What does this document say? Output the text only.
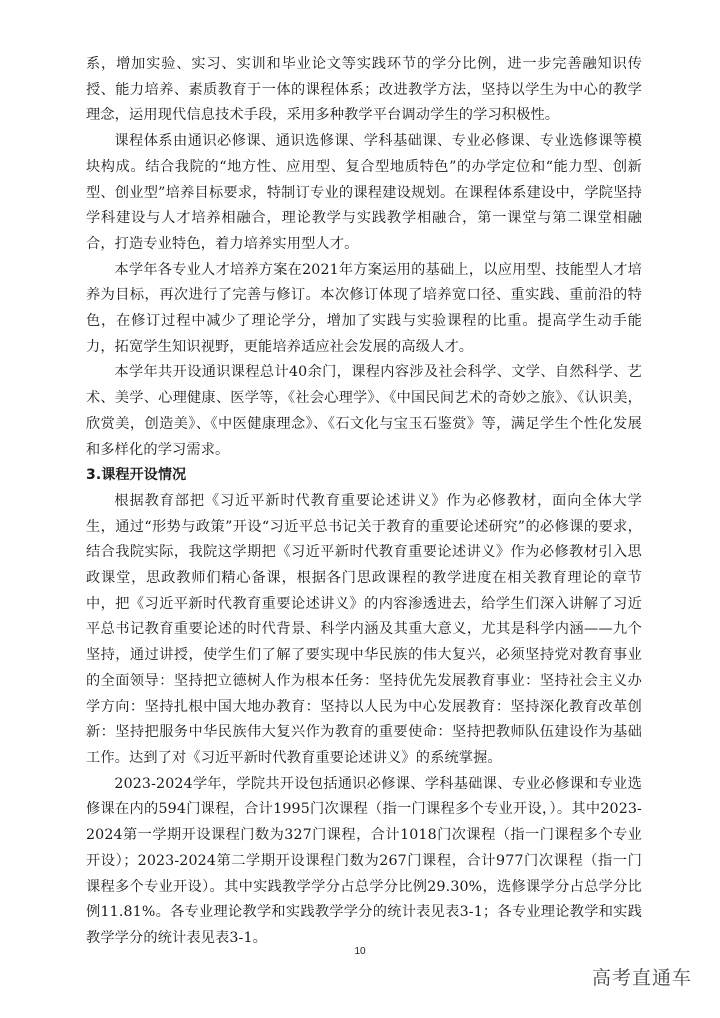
系，增加实验、实习、实训和毕业论文等实践环节的学分比例，进一步完善融知识传授、能力培养、素质教育于一体的课程体系；改进教学方法，坚持以学生为中心的教学理念，运用现代信息技术手段，采用多种教学平台调动学生的学习积极性。

课程体系由通识必修课、通识选修课、学科基础课、专业必修课、专业选修课等模块构成。结合我院的“地方性、应用型、复合型地质特色”的办学定位和“能力型、创新型、创业型”培养目标要求，特制订专业的课程建设规划。在课程体系建设中，学院坚持学科建设与人才培养相融合，理论教学与实践教学相融合，第一课堂与第二课堂相融合，打造专业特色，着力培养实用型人才。

本学年各专业人才培养方案在2021年方案运用的基础上，以应用型、技能型人才培养为目标，再次进行了完善与修订。本次修订体现了培养宽口径、重实践、重前沿的特色，在修订过程中减少了理论学分，增加了实践与实验课程的比重。提高学生动手能力，拓宽学生知识视野，更能培养适应社会发展的高级人才。

本学年共开设通识课程总计40余门，课程内容涉及社会科学、文学、自然科学、艺术、美学、心理健康、医学等，《社会心理学》、《中国民间艺术的奇妙之旅》、《认识美，欣赏美，创造美》、《中医健康理念》、《石文化与宝玉石鉴赏》等，满足学生个性化发展和多样化的学习需求。

3.课程开设情况

根据教育部把《习近平新时代教育重要论述讲义》作为必修教材，面向全体大学生，通过“形势与政策”开设“习近平总书记关于教育的重要论述研究”的必修课的要求，结合我院实际，我院这学期把《习近平新时代教育重要论述讲义》作为必修教材引入思政课堂，思政教师们精心备课，根据各门思政课程的教学进度在相关教育理论的章节中，把《习近平新时代教育重要论述讲义》的内容渗透进去，给学生们深入讲解了习近平总书记教育重要论述的时代背景、科学内涵及其重大意义，尤其是科学内涵——九个坚持，通过讲授，使学生们了解了要实现中华民族的伟大复兴，必须坚持党对教育事业的全面领导：坚持把立德树人作为根本任务：坚持优先发展教育事业：坚持社会主义办学方向：坚持扎根中国大地办教育：坚持以人民为中心发展教育：坚持深化教育改革创新：坚持把服务中华民族伟大复兴作为教育的重要使命：坚持把教师队伍建设作为基础工作。达到了对《习近平新时代教育重要论述讲义》的系统掌握。

2023-2024学年，学院共开设包括通识必修课、学科基础课、专业必修课和专业选修课在内的594门课程，合计1995门次课程（指一门课程多个专业开设，）。其中2023-2024第一学期开设课程门数为327门课程，合计1018门次课程（指一门课程多个专业开设）；2023-2024第二学期开设课程门数为267门课程，合计977门次课程（指一门课程多个专业开设）。其中实践教学学分占总学分比例29.30%，选修课学分占总学分比例11.81%。各专业理论教学和实践教学学分的统计表见表3-1；各专业理论教学和实践教学学分的统计表见表3-1。

10
高考直通车
